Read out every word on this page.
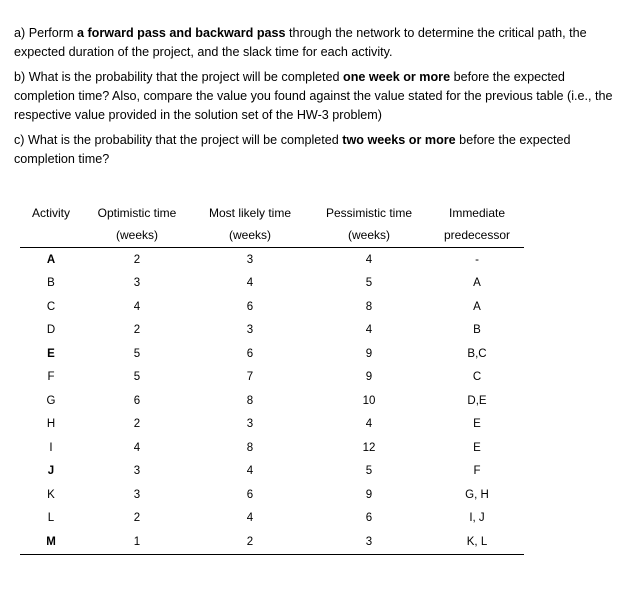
a) Perform a forward pass and backward pass through the network to determine the critical path, the expected duration of the project, and the slack time for each activity.

b) What is the probability that the project will be completed one week or more before the expected completion time? Also, compare the value you found against the value stated for the previous table (i.e., the respective value provided in the solution set of the HW-3 problem)

c) What is the probability that the project will be completed two weeks or more before the expected completion time?

Activity	Optimistic time	Most likely time	Pessimistic time	Immediate
	(weeks)	(weeks)	(weeks)	predecessor
A	2	3	4	-
B	3	4	5	A
C	4	6	8	A
D	2	3	4	B
E	5	6	9	B,C
F	5	7	9	C
G	6	8	10	D,E
H	2	3	4	E
I	4	8	12	E
J	3	4	5	F
K	3	6	9	G, H
L	2	4	6	I, J
M	1	2	3	K, L
